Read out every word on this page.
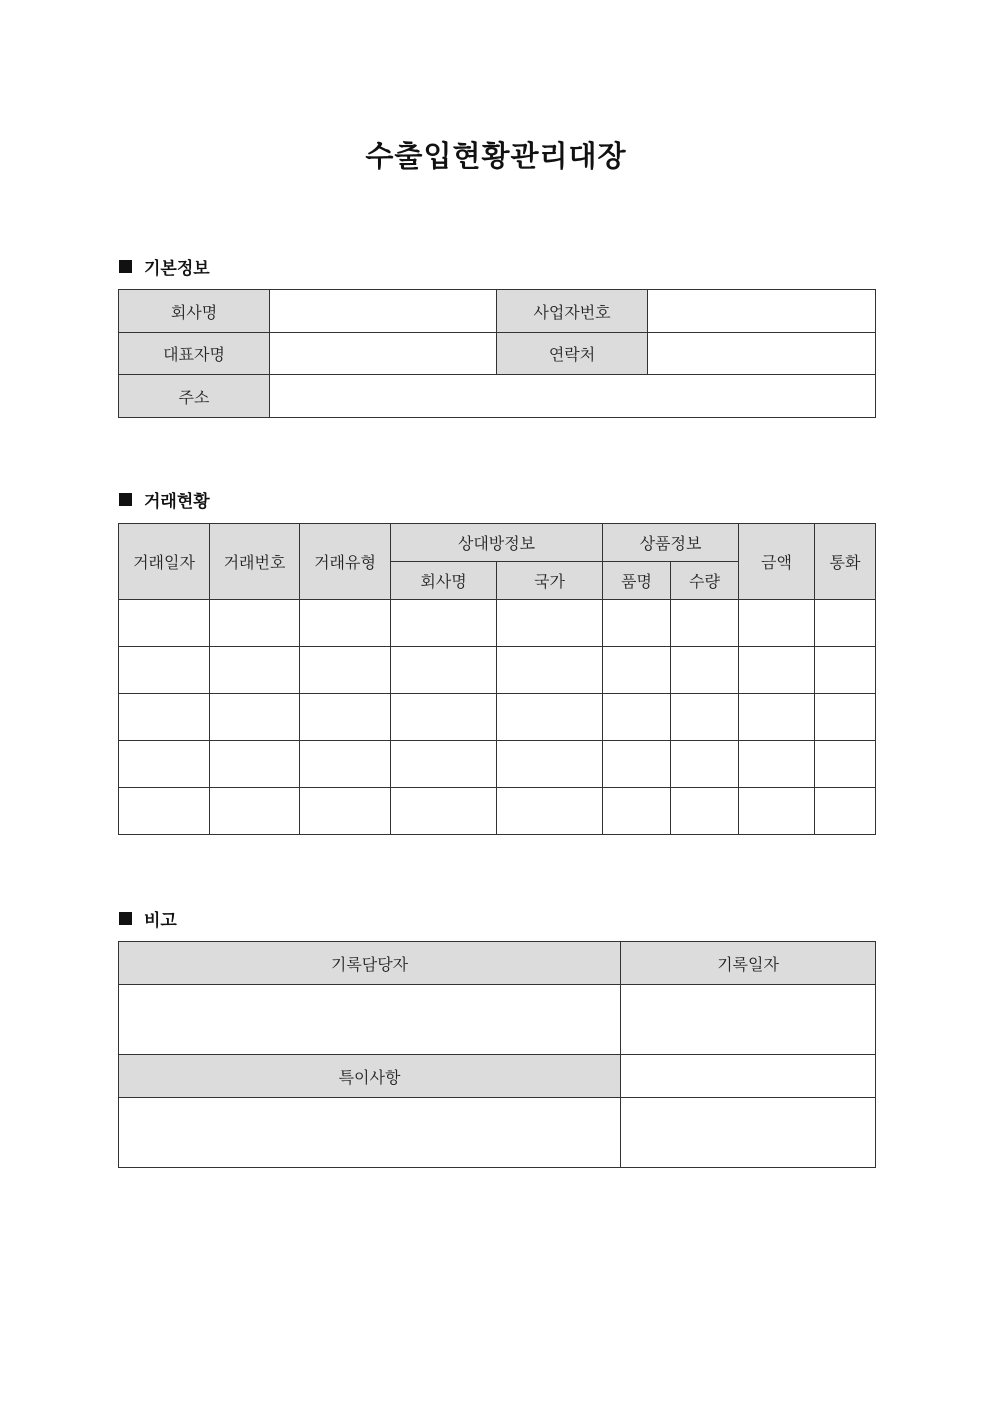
수출입현황관리대장
기본정보
회사명		사업자번호	
대표자명		연락처	
주소			
거래현황
거래일자	거래번호	거래유형	상대방정보		상품정보		금액	통화
			회사명	국가	품명	수량		

비고
기록담당자	기록일자

특이사항	
